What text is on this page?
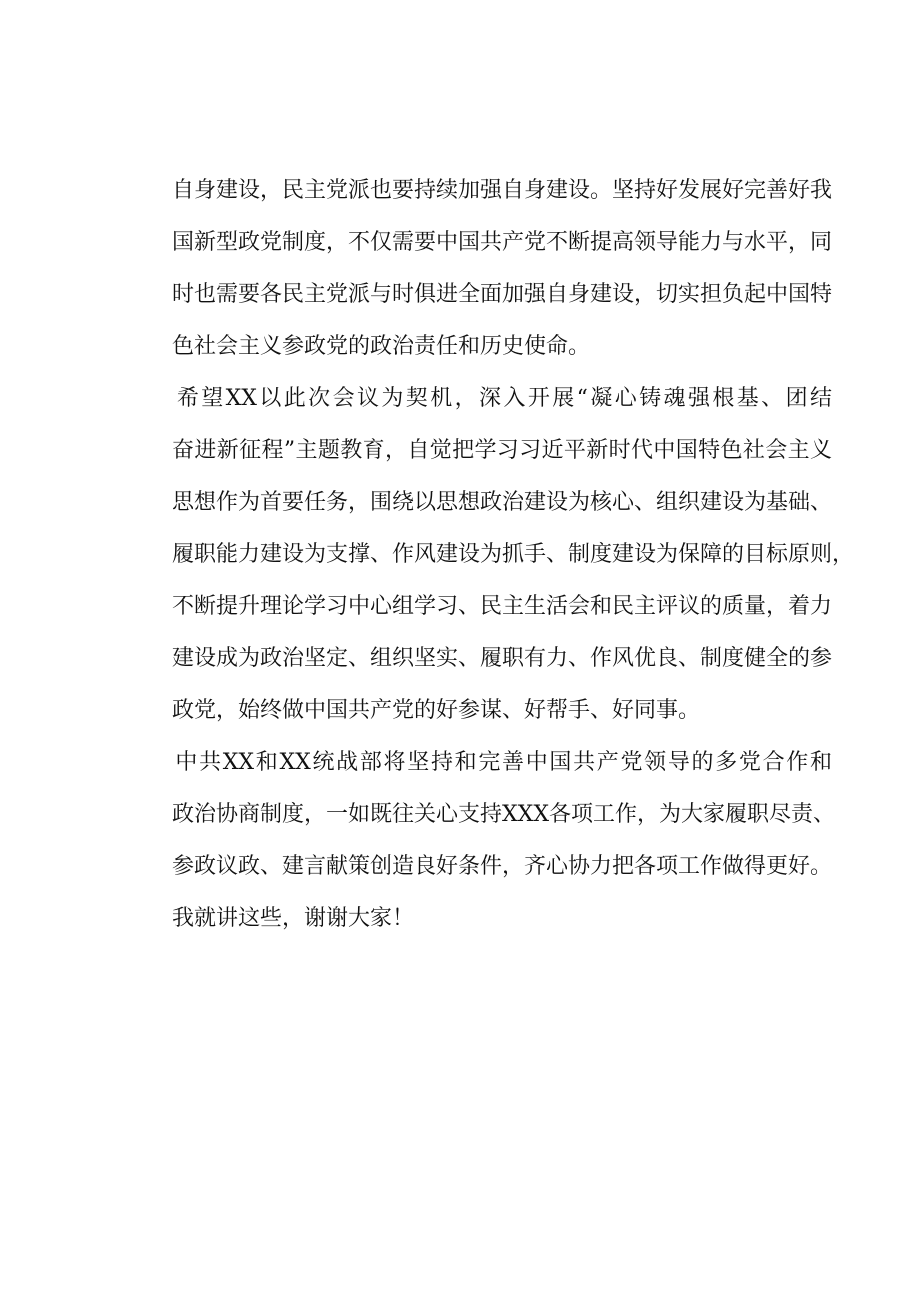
自身建设，民主党派也要持续加强自身建设。坚持好发展好完善好我
国新型政党制度，不仅需要中国共产党不断提高领导能力与水平，同
时也需要各民主党派与时俱进全面加强自身建设，切实担负起中国特
色社会主义参政党的政治责任和历史使命。
　　希望XX以此次会议为契机，深入开展“凝心铸魂强根基、团结
奋进新征程”主题教育，自觉把学习习近平新时代中国特色社会主义
思想作为首要任务，围绕以思想政治建设为核心、组织建设为基础、
履职能力建设为支撑、作风建设为抓手、制度建设为保障的目标原则，
不断提升理论学习中心组学习、民主生活会和民主评议的质量，着力
建设成为政治坚定、组织坚实、履职有力、作风优良、制度健全的参
政党，始终做中国共产党的好参谋、好帮手、好同事。
　　中共XX和XX统战部将坚持和完善中国共产党领导的多党合作和
政治协商制度，一如既往关心支持XXX各项工作，为大家履职尽责、
参政议政、建言献策创造良好条件，齐心协力把各项工作做得更好。
　　我就讲这些，谢谢大家！
